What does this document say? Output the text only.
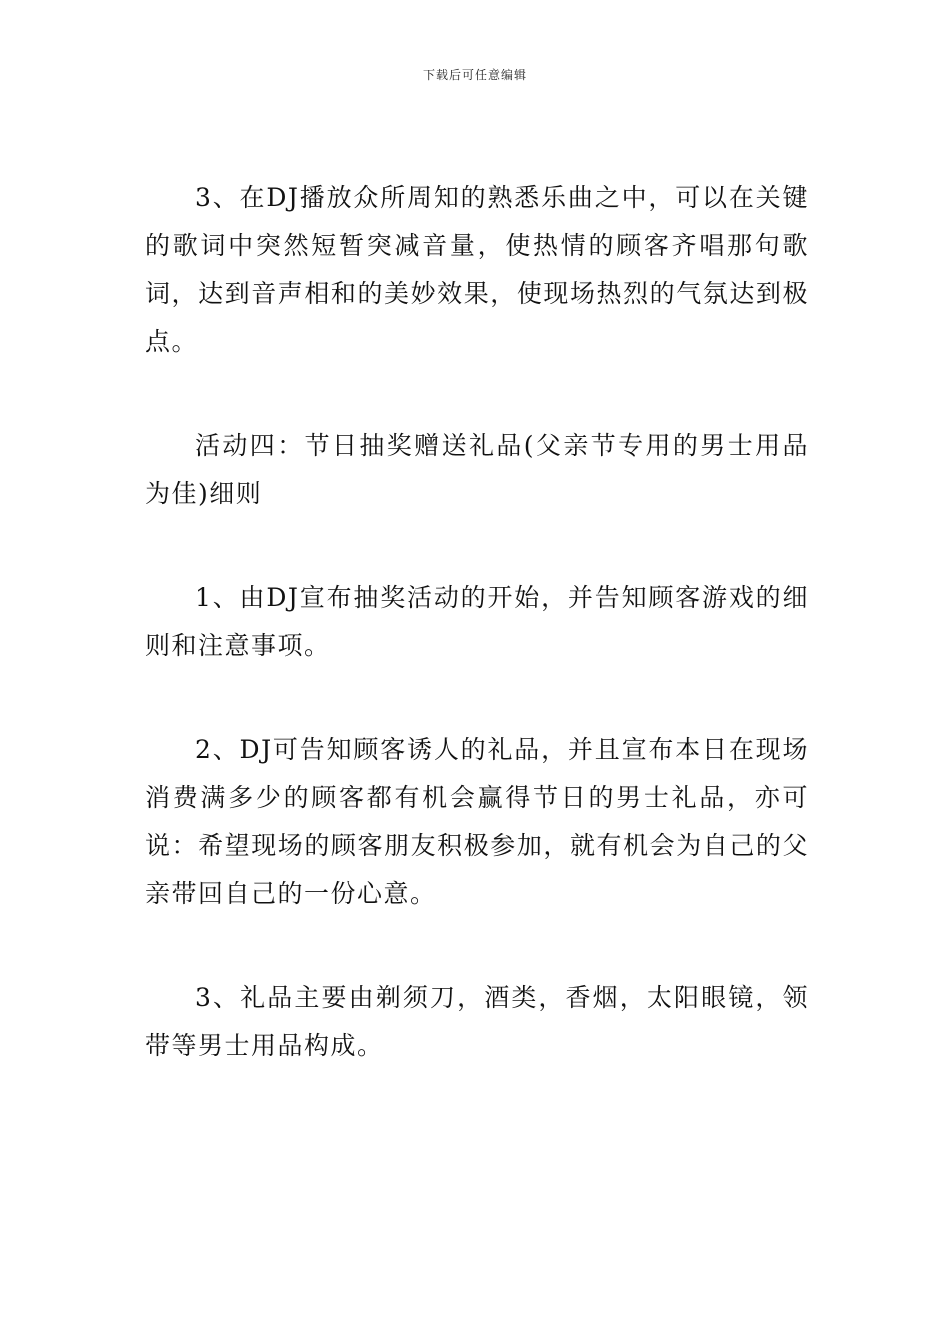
下载后可任意编辑

3、在DJ播放众所周知的熟悉乐曲之中，可以在关键的歌词中突然短暂突减音量，使热情的顾客齐唱那句歌词，达到音声相和的美妙效果，使现场热烈的气氛达到极点。

活动四：节日抽奖赠送礼品(父亲节专用的男士用品为佳)细则

1、由DJ宣布抽奖活动的开始，并告知顾客游戏的细则和注意事项。

2、DJ可告知顾客诱人的礼品，并且宣布本日在现场消费满多少的顾客都有机会赢得节日的男士礼品，亦可说：希望现场的顾客朋友积极参加，就有机会为自己的父亲带回自己的一份心意。

3、礼品主要由剃须刀，酒类，香烟，太阳眼镜，领带等男士用品构成。
